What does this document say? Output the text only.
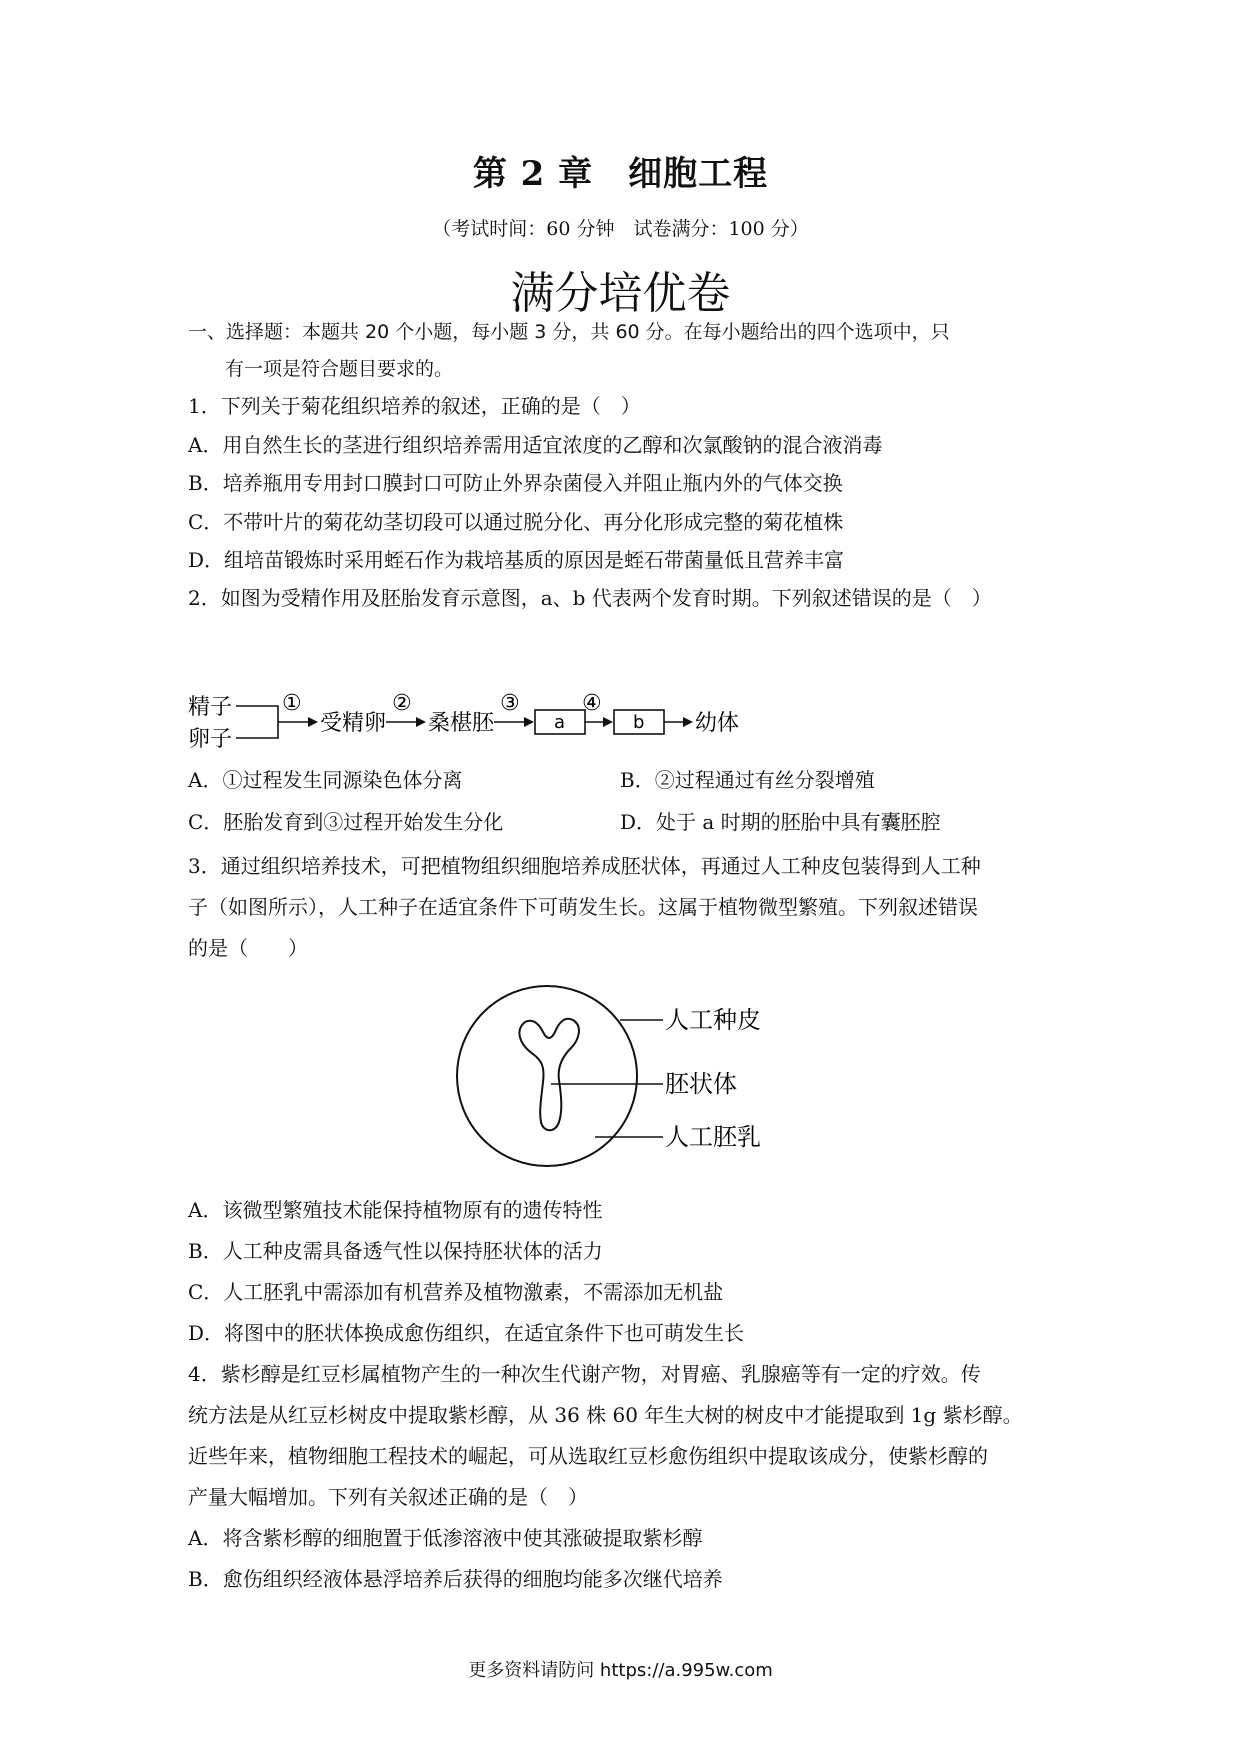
第 2 章　细胞工程
（考试时间：60 分钟　试卷满分：100 分）
满分培优卷
一、选择题：本题共 20 个小题，每小题 3 分，共 60 分。在每小题给出的四个选项中，只
有一项是符合题目要求的。
1．下列关于菊花组织培养的叙述，正确的是（　）
A．用自然生长的茎进行组织培养需用适宜浓度的乙醇和次氯酸钠的混合液消毒
B．培养瓶用专用封口膜封口可防止外界杂菌侵入并阻止瓶内外的气体交换
C．不带叶片的菊花幼茎切段可以通过脱分化、再分化形成完整的菊花植株
D．组培苗锻炼时采用蛭石作为栽培基质的原因是蛭石带菌量低且营养丰富
2．如图为受精作用及胚胎发育示意图，a、b 代表两个发育时期。下列叙述错误的是（　）
精子
卵子
①
受精卵
②
桑椹胚
③
a
④
b 幼体
A．①过程发生同源染色体分离	B．②过程通过有丝分裂增殖
C．胚胎发育到③过程开始发生分化	D．处于 a 时期的胚胎中具有囊胚腔
3．通过组织培养技术，可把植物组织细胞培养成胚状体，再通过人工种皮包装得到人工种
子（如图所示），人工种子在适宜条件下可萌发生长。这属于植物微型繁殖。下列叙述错误
的是（　　）
人工种皮
胚状体
人工胚乳
A．该微型繁殖技术能保持植物原有的遗传特性
B．人工种皮需具备透气性以保持胚状体的活力
C．人工胚乳中需添加有机营养及植物激素，不需添加无机盐
D．将图中的胚状体换成愈伤组织，在适宜条件下也可萌发生长
4．紫杉醇是红豆杉属植物产生的一种次生代谢产物，对胃癌、乳腺癌等有一定的疗效。传
统方法是从红豆杉树皮中提取紫杉醇，从 36 株 60 年生大树的树皮中才能提取到 1g 紫杉醇。
近些年来，植物细胞工程技术的崛起，可从选取红豆杉愈伤组织中提取该成分，使紫杉醇的
产量大幅增加。下列有关叙述正确的是（　）
A．将含紫杉醇的细胞置于低渗溶液中使其涨破提取紫杉醇
B．愈伤组织经液体悬浮培养后获得的细胞均能多次继代培养
更多资料请防问 https://a.995w.com
